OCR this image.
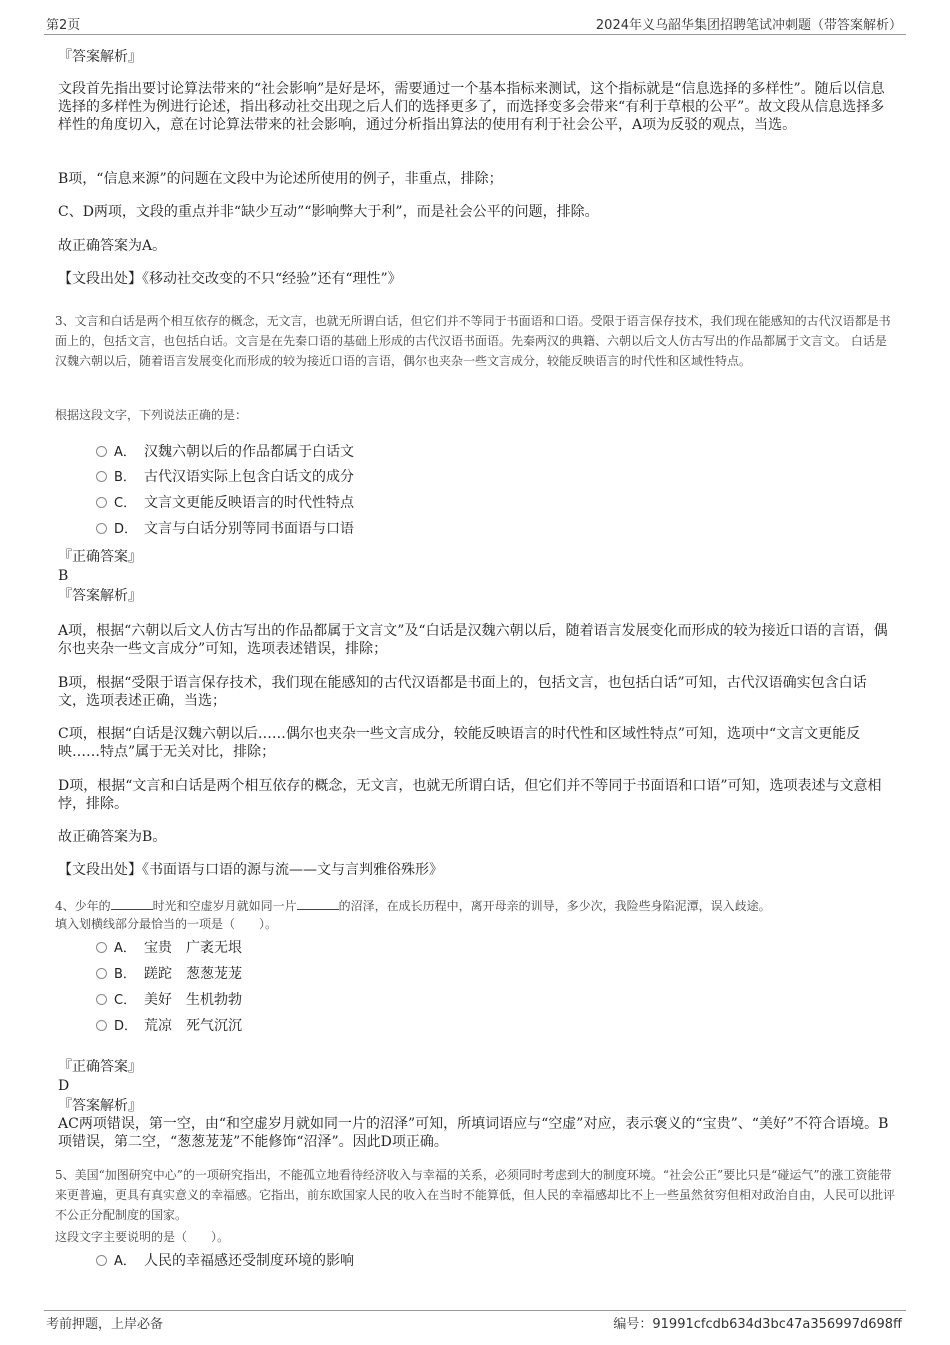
第2页	2024年义乌韶华集团招聘笔试冲刺题（带答案解析）
『答案解析』

文段首先指出要讨论算法带来的“社会影响”是好是坏，需要通过一个基本指标来测试，这个指标就是“信息选择的多样性”。随后以信息选择的多样性为例进行论述，指出移动社交出现之后人们的选择更多了，而选择变多会带来“有利于草根的公平”。故文段从信息选择多样性的角度切入，意在讨论算法带来的社会影响，通过分析指出算法的使用有利于社会公平，A项为反驳的观点，当选。

B项，“信息来源”的问题在文段中为论述所使用的例子，非重点，排除；

C、D两项，文段的重点并非“缺少互动”“影响弊大于利”，而是社会公平的问题，排除。

故正确答案为A。

【文段出处】《移动社交改变的不只“经验”还有“理性”》

3、文言和白话是两个相互依存的概念，无文言，也就无所谓白话，但它们并不等同于书面语和口语。受限于语言保存技术，我们现在能感知的古代汉语都是书面上的，包括文言，也包括白话。文言是在先秦口语的基础上形成的古代汉语书面语。先秦两汉的典籍、六朝以后文人仿古写出的作品都属于文言文。 白话是汉魏六朝以后，随着语言发展变化而形成的较为接近口语的言语，偶尔也夹杂一些文言成分，较能反映语言的时代性和区域性特点。

根据这段文字，下列说法正确的是：

A． 汉魏六朝以后的作品都属于白话文
B． 古代汉语实际上包含白话文的成分
C． 文言文更能反映语言的时代性特点
D． 文言与白话分别等同书面语与口语
『正确答案』
B
『答案解析』

A项，根据“六朝以后文人仿古写出的作品都属于文言文”及“白话是汉魏六朝以后，随着语言发展变化而形成的较为接近口语的言语，偶尔也夹杂一些文言成分”可知，选项表述错误，排除；

B项，根据“受限于语言保存技术，我们现在能感知的古代汉语都是书面上的，包括文言，也包括白话”可知，古代汉语确实包含白话文，选项表述正确，当选；

C项，根据“白话是汉魏六朝以后……偶尔也夹杂一些文言成分，较能反映语言的时代性和区域性特点”可知，选项中“文言文更能反映……特点”属于无关对比，排除；

D项，根据“文言和白话是两个相互依存的概念，无文言，也就无所谓白话，但它们并不等同于书面语和口语”可知，选项表述与文意相悖，排除。

故正确答案为B。

【文段出处】《书面语与口语的源与流——文与言判雅俗殊形》

4、少年的	时光和空虚岁月就如同一片	的沼泽，在成长历程中，离开母亲的训导，多少次，我险些身陷泥潭，误入歧途。

填入划横线部分最恰当的一项是（　　）。

A． 宝贵　广袤无垠
B． 蹉跎　葱葱茏茏
C． 美好　生机勃勃
D． 荒凉　死气沉沉
『正确答案』
D
『答案解析』

AC两项错误，第一空，由“和空虚岁月就如同一片的沼泽”可知，所填词语应与“空虚”对应，表示褒义的“宝贵”、“美好”不符合语境。B项错误，第二空，“葱葱茏茏”不能修饰“沼泽”。因此D项正确。

5、美国“加图研究中心”的一项研究指出，不能孤立地看待经济收入与幸福的关系，必须同时考虑到大的制度环境。“社会公正”要比只是“碰运气”的涨工资能带来更普遍，更具有真实意义的幸福感。它指出，前东欧国家人民的收入在当时不能算低，但人民的幸福感却比不上一些虽然贫穷但相对政治自由，人民可以批评不公正分配制度的国家。

这段文字主要说明的是（　　）。

A． 人民的幸福感还受制度环境的影响
考前押题，上岸必备	编号：91991cfcdb634d3bc47a356997d698ff
